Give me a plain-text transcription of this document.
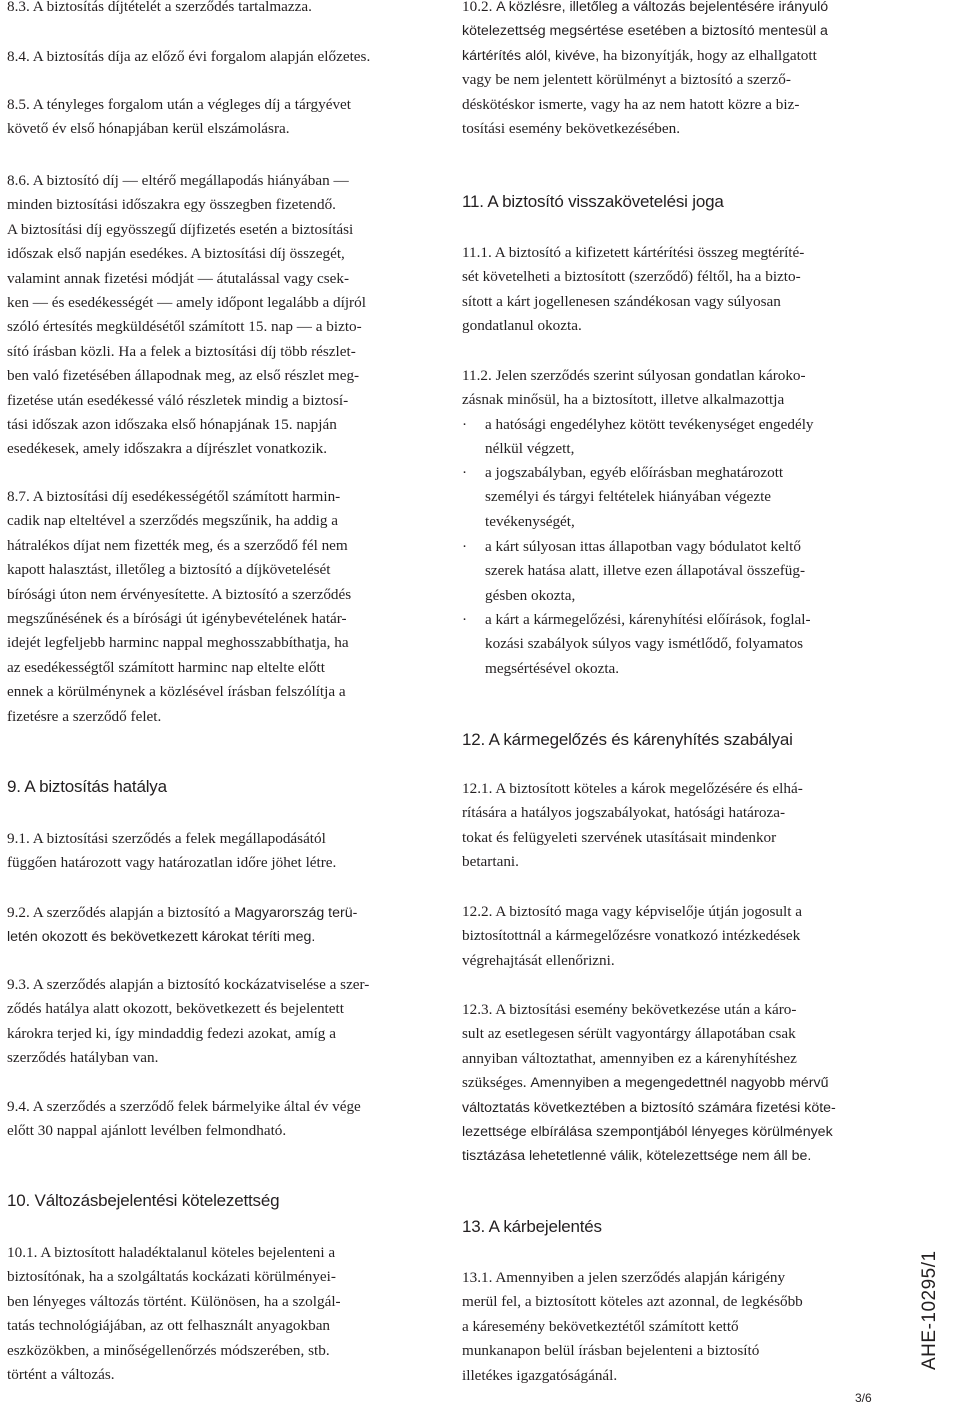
8.3. A biztosítás díjtételét a szerződés tartalmazza.

8.4. A biztosítás díja az előző évi forgalom alapján előzetes.

8.5. A tényleges forgalom után a végleges díj a tárgyévet
követő év első hónapjában kerül elszámolásra.

8.6. A biztosító díj — eltérő megállapodás hiányában —
minden biztosítási időszakra egy összegben fizetendő.
A biztosítási díj egyösszegű díjfizetés esetén a biztosítási
időszak első napján esedékes. A biztosítási díj összegét,
valamint annak fizetési módját — átutalással vagy csek-
ken — és esedékességét — amely időpont legalább a díjról
szóló értesítés megküldésétől számított 15. nap — a bizto-
sító írásban közli. Ha a felek a biztosítási díj több részlet-
ben való fizetésében állapodnak meg, az első részlet meg-
fizetése után esedékessé váló részletek mindig a biztosí-
tási időszak azon időszaka első hónapjának 15. napján
esedékesek, amely időszakra a díjrészlet vonatkozik.

8.7. A biztosítási díj esedékességétől számított harmin-
cadik nap elteltével a szerződés megszűnik, ha addig a
hátralékos díjat nem fizették meg, és a szerződő fél nem
kapott halasztást, illetőleg a biztosító a díjkövetelését
bírósági úton nem érvényesítette. A biztosító a szerződés
megszűnésének és a bírósági út igénybevételének határ-
idejét legfeljebb harminc nappal meghosszabbíthatja, ha
az esedékességtől számított harminc nap eltelte előtt
ennek a körülménynek a közlésével írásban felszólítja a
fizetésre a szerződő felet.

9. A biztosítás hatálya

9.1. A biztosítási szerződés a felek megállapodásától
függően határozott vagy határozatlan időre jöhet létre.

9.2. A szerződés alapján a biztosító a Magyarország terü-
letén okozott és bekövetkezett károkat téríti meg.

9.3. A szerződés alapján a biztosító kockázatviselése a szer-
ződés hatálya alatt okozott, bekövetkezett és bejelentett
károkra terjed ki, így mindaddig fedezi azokat, amíg a
szerződés hatályban van.

9.4. A szerződés a szerződő felek bármelyike által év vége
előtt 30 nappal ajánlott levélben felmondható.

10. Változásbejelentési kötelezettség

10.1. A biztosított haladéktalanul köteles bejelenteni a
biztosítónak, ha a szolgáltatás kockázati körülményei-
ben lényeges változás történt. Különösen, ha a szolgál-
tatás technológiájában, az ott felhasznált anyagokban
eszközökben, a minőségellenőrzés módszerében, stb.
történt a változás.

10.2. A közlésre, illetőleg a változás bejelentésére irányuló
kötelezettség megsértése esetében a biztosító mentesül a
kártérítés alól, kivéve, ha bizonyítják, hogy az elhallgatott
vagy be nem jelentett körülményt a biztosító a szerző-
déskötéskor ismerte, vagy ha az nem hatott közre a biz-
tosítási esemény bekövetkezésében.

11. A biztosító visszakövetelési joga

11.1. A biztosító a kifizetett kártérítési összeg megtéríté-
sét követelheti a biztosított (szerződő) féltől, ha a bizto-
sított a kárt jogellenesen szándékosan vagy súlyosan
gondatlanul okozta.

11.2. Jelen szerződés szerint súlyosan gondatlan károko-
zásnak minősül, ha a biztosított, illetve alkalmazottja

· a hatósági engedélyhez kötött tevékenységet engedély
nélkül végzett,
· a jogszabályban, egyéb előírásban meghatározott
személyi és tárgyi feltételek hiányában végezte
tevékenységét,
· a kárt súlyosan ittas állapotban vagy bódulatot keltő
szerek hatása alatt, illetve ezen állapotával összefüg-
gésben okozta,
· a kárt a kármegelőzési, kárenyhítési előírások, foglal-
kozási szabályok súlyos vagy ismétlődő, folyamatos
megsértésével okozta.
12. A kármegelőzés és kárenyhítés szabályai

12.1. A biztosított köteles a károk megelőzésére és elhá-
rítására a hatályos jogszabályokat, hatósági határoza-
tokat és felügyeleti szervének utasításait mindenkor
betartani.

12.2. A biztosító maga vagy képviselője útján jogosult a
biztosítottnál a kármegelőzésre vonatkozó intézkedések
végrehajtását ellenőrizni.

12.3. A biztosítási esemény bekövetkezése után a káro-
sult az esetlegesen sérült vagyontárgy állapotában csak
annyiban változtathat, amennyiben ez a kárenyhítéshez
szükséges. Amennyiben a megengedettnél nagyobb mérvű
változtatás következtében a biztosító számára fizetési köte-
lezettsége elbírálása szempontjából lényeges körülmények
tisztázása lehetetlenné válik, kötelezettsége nem áll be.

13. A kárbejelentés

13.1. Amennyiben a jelen szerződés alapján kárigény
merül fel, a biztosított köteles azt azonnal, de legkésőbb
a káresemény bekövetkeztétől számított kettő
munkanapon belül írásban bejelenteni a biztosító
illetékes igazgatóságánál.

AHE-10295/1
3/6
